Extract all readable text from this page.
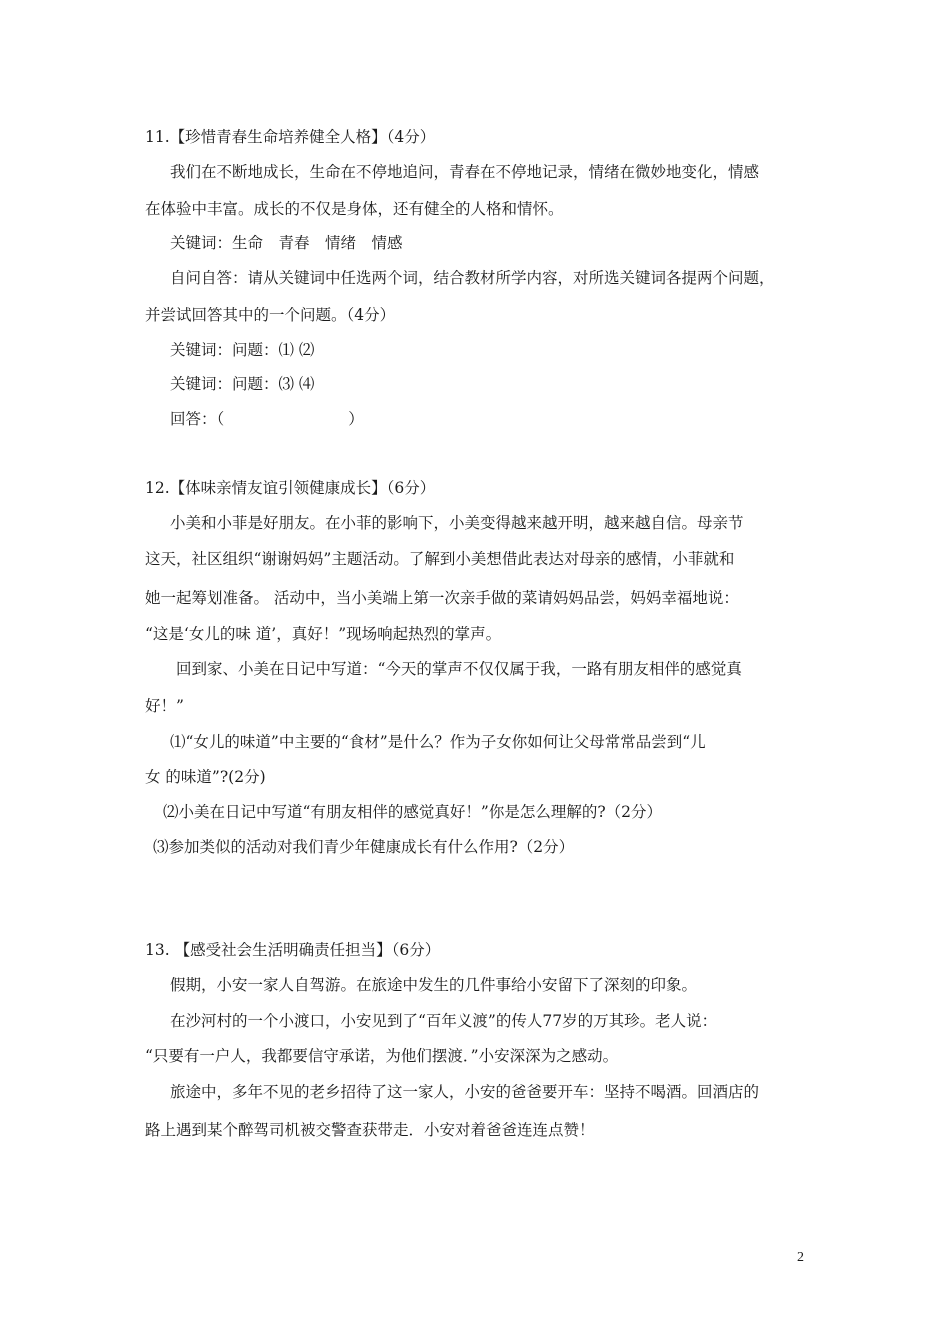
11.【珍惜青春生命培养健全人格】（4分）
我们在不断地成长，生命在不停地追问，青春在不停地记录，情绪在微妙地变化，情感
在体验中丰富。成长的不仅是身体，还有健全的人格和情怀。
关键词：生命　青春　情绪　情感
自问自答：请从关键词中任选两个词，结合教材所学内容，对所选关键词各提两个问题，
并尝试回答其中的一个问题。（4分）
关键词：问题：⑴ ⑵
关键词：问题：⑶ ⑷
回答：（　　　　　　　　）
12.【体味亲情友谊引领健康成长】（6分）
小美和小菲是好朋友。在小菲的影响下，小美变得越来越开明，越来越自信。母亲节
这天，社区组织“谢谢妈妈”主题活动。了解到小美想借此表达对母亲的感情，小菲就和
她一起筹划准备。 活动中，当小美端上第一次亲手做的菜请妈妈品尝，妈妈幸福地说：
“这是‘女儿的味 道’，真好！”现场响起热烈的掌声。
回到家、小美在日记中写道：“今天的掌声不仅仅属于我，一路有朋友相伴的感觉真
好！”
⑴“女儿的味道”中主要的“食材”是什么？作为子女你如何让父母常常品尝到“儿
女 的味道”?(2分)
⑵小美在日记中写道“有朋友相伴的感觉真好！”你是怎么理解的?（2分）
⑶参加类似的活动对我们青少年健康成长有什么作用?（2分）
13. 【感受社会生活明确责任担当】（6分）
假期，小安一家人自驾游。在旅途中发生的几件事给小安留下了深刻的印象。
在沙河村的一个小渡口，小安见到了“百年义渡”的传人77岁的万其珍。老人说：
“只要有一户人，我都要信守承诺，为他们摆渡．”小安深深为之感动。
旅途中，多年不见的老乡招待了这一家人，小安的爸爸要开车：坚持不喝酒。回酒店的
路上遇到某个醉驾司机被交警查获带走．小安对着爸爸连连点赞！
2
